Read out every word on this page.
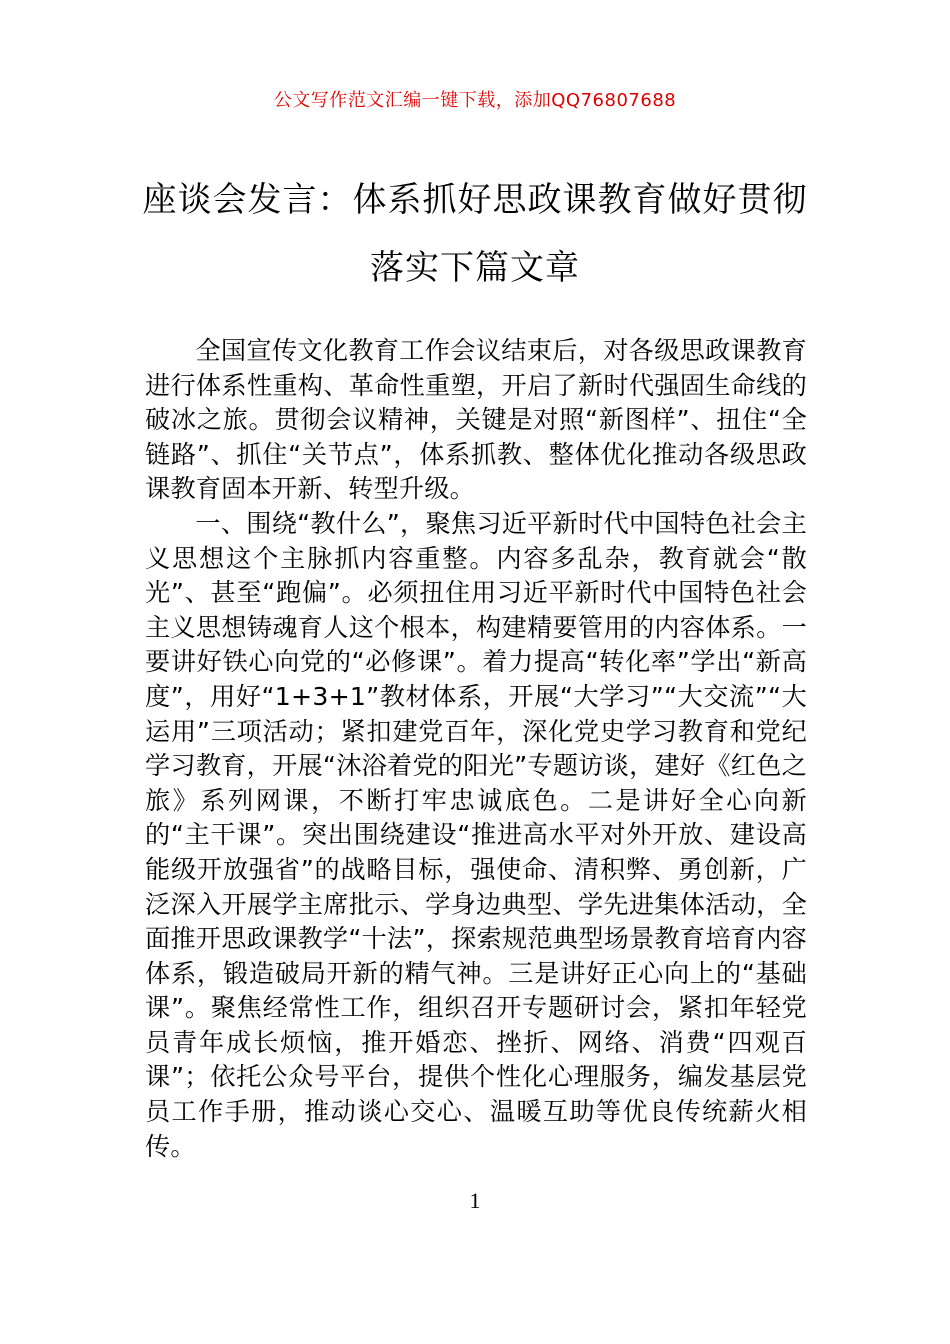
公文写作范文汇编一键下载，添加QQ76807688
座谈会发言：体系抓好思政课教育做好贯彻落实下篇文章

全国宣传文化教育工作会议结束后，对各级思政课教育进行体系性重构、革命性重塑，开启了新时代强固生命线的破冰之旅。贯彻会议精神，关键是对照“新图样”、扭住“全链路”、抓住“关节点”，体系抓教、整体优化推动各级思政课教育固本开新、转型升级。

一、围绕“教什么”，聚焦习近平新时代中国特色社会主义思想这个主脉抓内容重整。内容多乱杂，教育就会“散光”、甚至“跑偏”。必须扭住用习近平新时代中国特色社会主义思想铸魂育人这个根本，构建精要管用的内容体系。一要讲好铁心向党的“必修课”。着力提高“转化率”学出“新高度”，用好“1+3+1”教材体系，开展“大学习”“大交流”“大运用”三项活动；紧扣建党百年，深化党史学习教育和党纪学习教育，开展“沐浴着党的阳光”专题访谈，建好《红色之旅》系列网课，不断打牢忠诚底色。二是讲好全心向新的“主干课”。突出围绕建设“推进高水平对外开放、建设高能级开放强省”的战略目标，强使命、清积弊、勇创新，广泛深入开展学主席批示、学身边典型、学先进集体活动，全面推开思政课教学“十法”，探索规范典型场景教育培育内容体系，锻造破局开新的精气神。三是讲好正心向上的“基础课”。聚焦经常性工作，组织召开专题研讨会，紧扣年轻党员青年成长烦恼，推开婚恋、挫折、网络、消费“四观百课”；依托公众号平台，提供个性化心理服务，编发基层党员工作手册，推动谈心交心、温暖互助等优良传统薪火相传。

1
